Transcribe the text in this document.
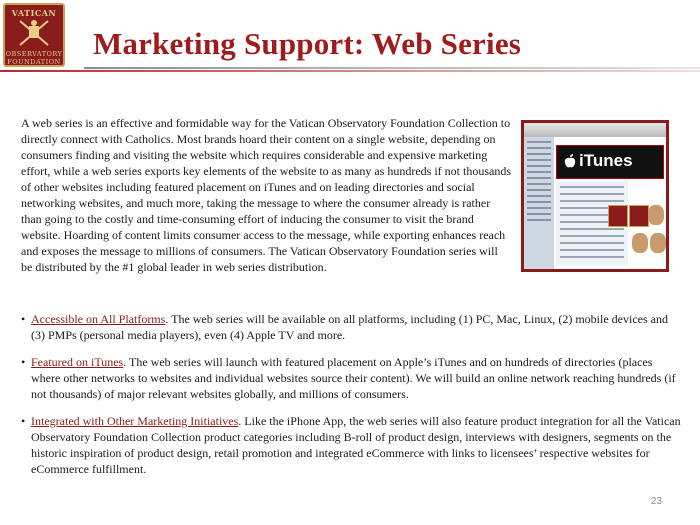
VATICAN
OBSERVATORY
FOUNDATION
Marketing Support: Web Series
A web series is an effective and formidable way for the Vatican Observatory Foundation Collection to directly connect with Catholics. Most brands hoard their content on a single website, depending on consumers finding and visiting the website which requires considerable and expensive marketing effort, while a web series exports key elements of the website to as many as hundreds if not thousands of other websites including featured placement on iTunes and on leading directories and social networking websites, and much more, taking the message to where the consumer already is rather than going to the costly and time-consuming effort of inducing the consumer to visit the brand website. Hoarding of content limits consumer access to the message, while exporting enhances reach and exposes the message to millions of consumers. The Vatican Observatory Foundation series will be distributed by the #1 global leader in web series distribution.
iTunes
• Accessible on All Platforms. The web series will be available on all platforms, including (1) PC, Mac, Linux, (2) mobile devices and (3) PMPs (personal media players), even (4) Apple TV and more.
• Featured on iTunes. The web series will launch with featured placement on Apple’s iTunes and on hundreds of directories (places where other networks to websites and individual websites source their content). We will build an online network reaching hundreds (if not thousands) of major relevant websites globally, and millions of consumers.
• Integrated with Other Marketing Initiatives. Like the iPhone App, the web series will also feature product integration for all the Vatican Observatory Foundation Collection product categories including B-roll of product design, interviews with designers, segments on the historic inspiration of product design, retail promotion and integrated eCommerce with links to licensees’ respective websites for eCommerce fulfillment.
23
